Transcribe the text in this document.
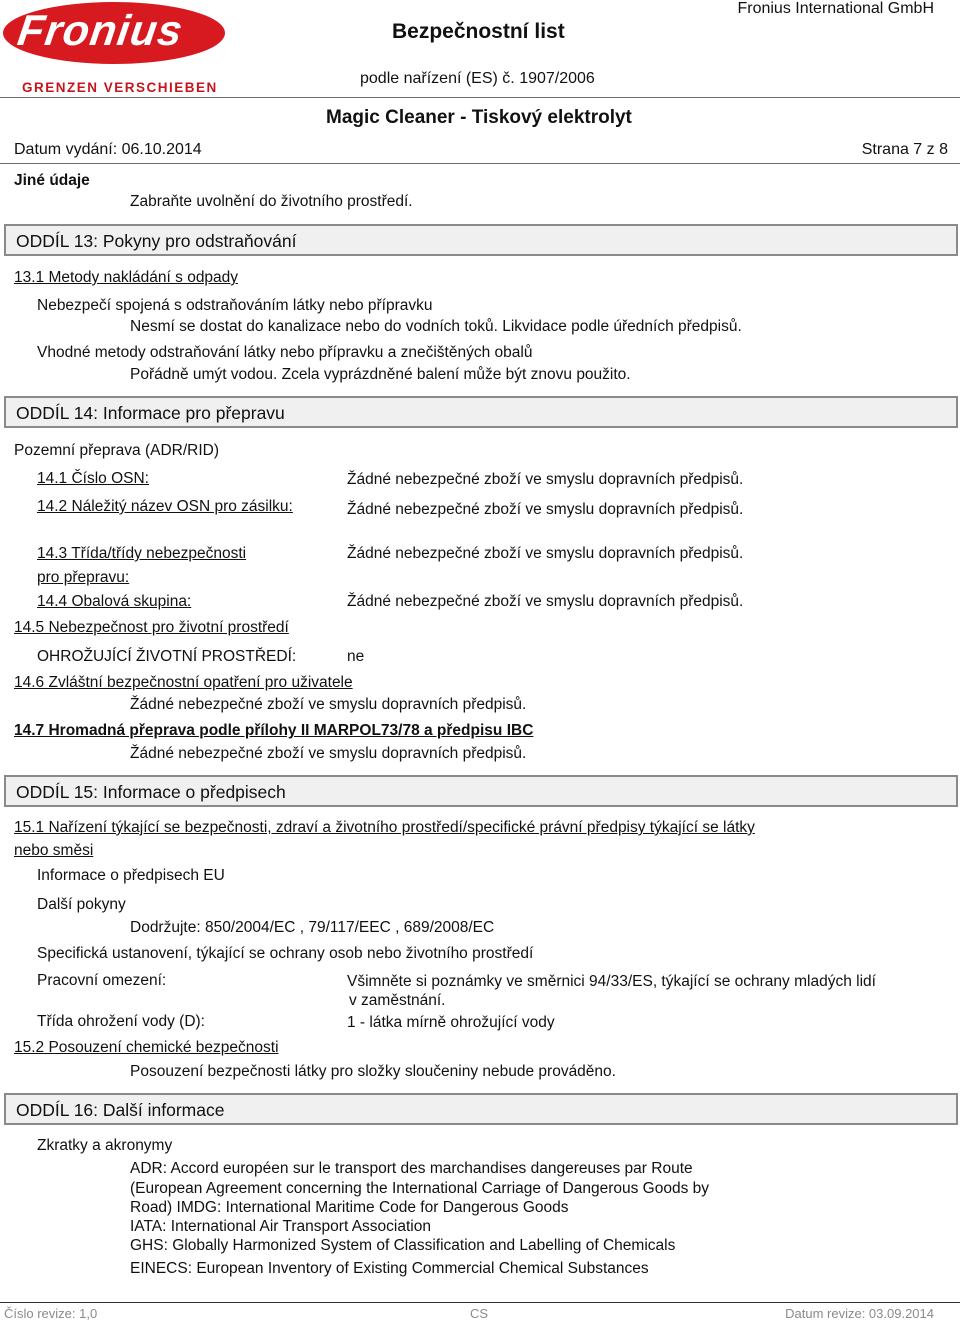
Fronius
GRENZEN VERSCHIEBEN
Bezpečnostní list
Fronius International GmbH
podle nařízení (ES) č. 1907/2006
Magic Cleaner - Tiskový elektrolyt
Datum vydání: 06.10.2014	Strana 7 z 8
Jiné údaje
Zabraňte uvolnění do životního prostředí.
ODDÍL 13: Pokyny pro odstraňování
13.1 Metody nakládání s odpady
Nebezpečí spojená s odstraňováním látky nebo přípravku
Nesmí se dostat do kanalizace nebo do vodních toků. Likvidace podle úředních předpisů.
Vhodné metody odstraňování látky nebo přípravku a znečištěných obalů
Pořádně umýt vodou. Zcela vyprázdněné balení může být znovu použito.
ODDÍL 14: Informace pro přepravu
Pozemní přeprava (ADR/RID)
14.1 Číslo OSN:	Žádné nebezpečné zboží ve smyslu dopravních předpisů.
14.2 Náležitý název OSN pro zásilku:	Žádné nebezpečné zboží ve smyslu dopravních předpisů.
14.3 Třída/třídy nebezpečnosti
pro přepravu:
Žádné nebezpečné zboží ve smyslu dopravních předpisů.
14.4 Obalová skupina:	Žádné nebezpečné zboží ve smyslu dopravních předpisů.
14.5 Nebezpečnost pro životní prostředí
OHROŽUJÍCÍ ŽIVOTNÍ PROSTŘEDÍ:	ne
14.6 Zvláštní bezpečnostní opatření pro uživatele
Žádné nebezpečné zboží ve smyslu dopravních předpisů.
14.7 Hromadná přeprava podle přílohy II MARPOL73/78 a předpisu IBC
Žádné nebezpečné zboží ve smyslu dopravních předpisů.
ODDÍL 15: Informace o předpisech
15.1 Nařízení týkající se bezpečnosti, zdraví a životního prostředí/specifické právní předpisy týkající se látky
nebo směsi
Informace o předpisech EU
Další pokyny
Dodržujte: 850/2004/EC , 79/117/EEC , 689/2008/EC
Specifická ustanovení, týkající se ochrany osob nebo životního prostředí
Pracovní omezení:	Všimněte si poznámky ve směrnici 94/33/ES, týkající se ochrany mladých lidí
v zaměstnání.
Třída ohrožení vody (D):	1 - látka mírně ohrožující vody
15.2 Posouzení chemické bezpečnosti
Posouzení bezpečnosti látky pro složky sloučeniny nebude prováděno.
ODDÍL 16: Další informace
Zkratky a akronymy
ADR: Accord européen sur le transport des marchandises dangereuses par Route
(European Agreement concerning the International Carriage of Dangerous Goods by
Road) IMDG: International Maritime Code for Dangerous Goods
IATA: International Air Transport Association
GHS: Globally Harmonized System of Classification and Labelling of Chemicals
EINECS: European Inventory of Existing Commercial Chemical Substances
Číslo revize: 1,0	CS	Datum revize: 03.09.2014
